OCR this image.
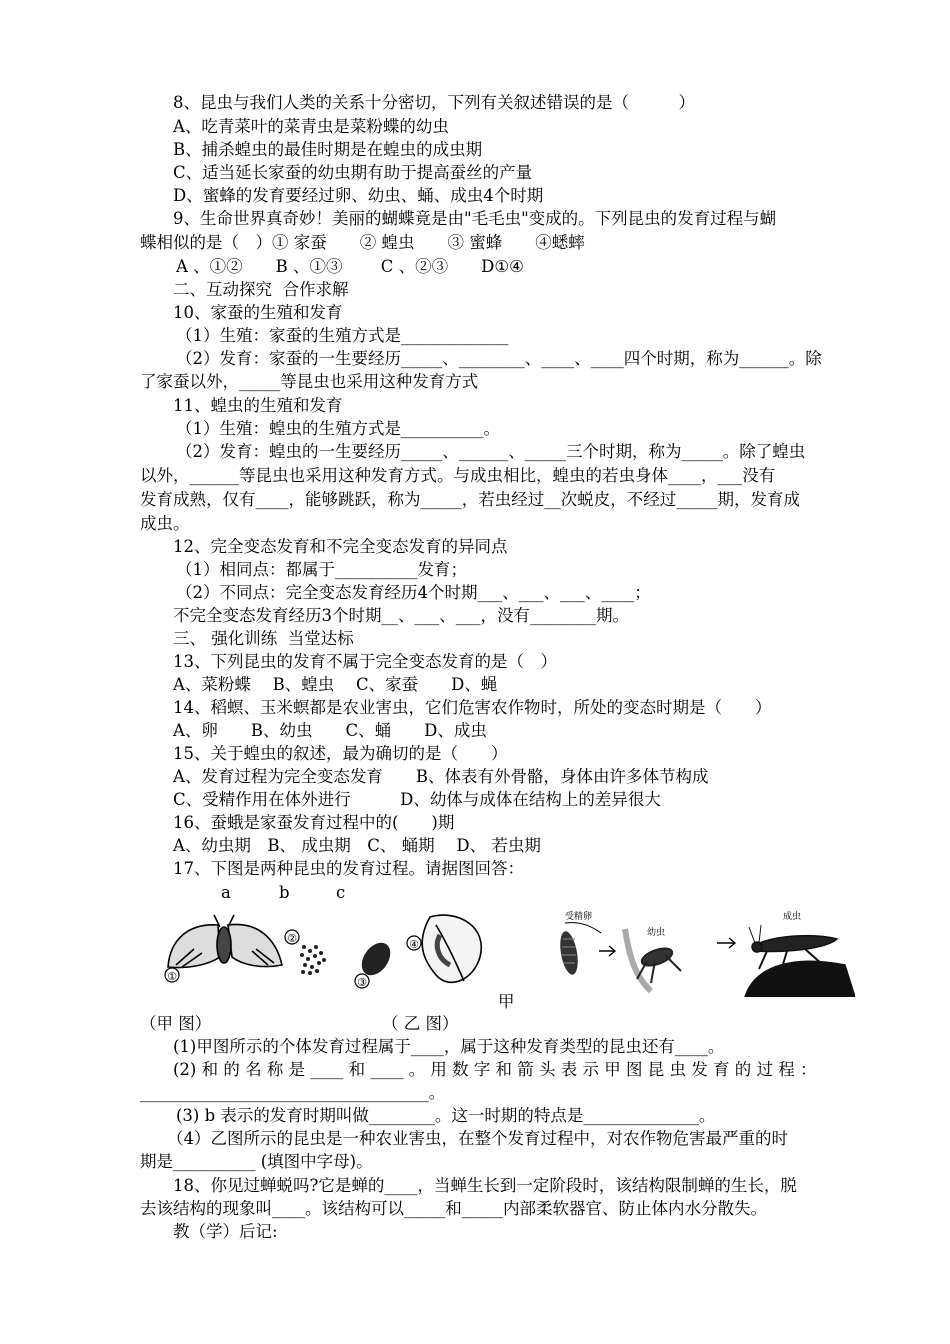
8、昆虫与我们人类的关系十分密切，下列有关叙述错误的是（　　　）
A、吃青菜叶的菜青虫是菜粉蝶的幼虫
B、捕杀蝗虫的最佳时期是在蝗虫的成虫期
C、适当延长家蚕的幼虫期有助于提高蚕丝的产量
D、蜜蜂的发育要经过卵、幼虫、蛹、成虫4个时期
9、生命世界真奇妙！美丽的蝴蝶竟是由"毛毛虫"变成的。下列昆虫的发育过程与蝴
蝶相似的是（　）① 家蚕　　② 蝗虫　　③ 蜜蜂　　④蟋蟀
A 、①②　　B 、①③　　 C 、②③　　D①④
二、互动探究  合作求解
10、家蚕的生殖和发育
（1）生殖：家蚕的生殖方式是_____________
（2）发育：家蚕的一生要经历_____、________、____、____四个时期，称为______。除
了家蚕以外，_____等昆虫也采用这种发育方式
11、蝗虫的生殖和发育
（1）生殖：蝗虫的生殖方式是__________。
（2）发育：蝗虫的一生要经历_____、______、_____三个时期，称为_____。除了蝗虫
以外，______等昆虫也采用这种发育方式。与成虫相比，蝗虫的若虫身体____，___没有
发育成熟，仅有____，能够跳跃，称为_____，若虫经过__次蜕皮，不经过_____期，发育成
成虫。
12、完全变态发育和不完全变态发育的异同点
（1）相同点：都属于__________发育；
（2）不同点：完全变态发育经历4个时期___、___、___、____；
不完全变态发育经历3个时期__、___、___，没有________期。
三、 强化训练  当堂达标
13、下列昆虫的发育不属于完全变态发育的是（　）
A、菜粉蝶　 B、蝗虫　 C、家蚕　　D、蝇
14、稻螟、玉米螟都是农业害虫，它们危害农作物时，所处的变态时期是（　　）
A、卵　　B、幼虫　　C、蛹　　D、成虫
15、关于蝗虫的叙述，最为确切的是（　　）
A、发育过程为完全变态发育　　B、体表有外骨骼，身体由许多体节构成
C、受精作用在体外进行　　　D、幼体与成体在结构上的差异很大
16、蚕蛾是家蚕发育过程中的(　　)期
A、幼虫期　B、 成虫期　C、 蛹期　 D、 若虫期
17、下图是两种昆虫的发育过程。请据图回答：
a	b	c
①
②
③
④
受精卵
幼虫
成虫
甲
（甲 图）	（ 乙 图）
(1)甲图所示的个体发育过程属于____，属于这种发育类型的昆虫还有____。
(2) 和 的 名 称 是 ____ 和 ____ 。 用 数 字 和 箭 头 表 示 甲 图 昆 虫 发 育 的 过 程 ：
___________________________________。
(3) b 表示的发育时期叫做________。这一时期的特点是______________。
（4）乙图所示的昆虫是一种农业害虫，在整个发育过程中，对农作物危害最严重的时
期是__________ (填图中字母)。
18、你见过蝉蜕吗?它是蝉的____，当蝉生长到一定阶段时，该结构限制蝉的生长，脱
去该结构的现象叫____。该结构可以_____和_____内部柔软器官、防止体内水分散失。
教（学）后记:
